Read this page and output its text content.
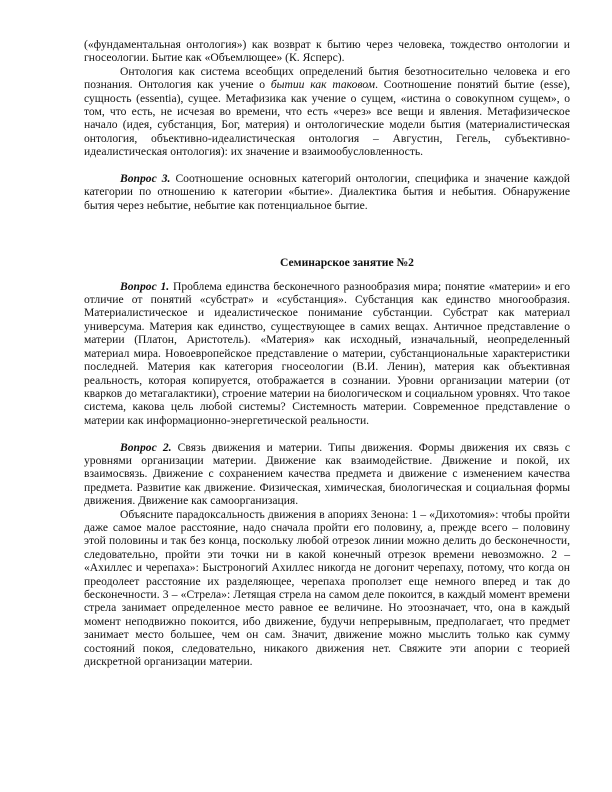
(«фундаментальная онтология») как возврат к бытию через человека, тождество онтологии и гносеологии. Бытие как «Объемлющее» (К. Ясперс).

Онтология как система всеобщих определений бытия безотносительно человека и его познания. Онтология как учение о бытии как таковом. Соотношение понятий бытие (esse), сущность (essentia), сущее. Метафизика как учение о сущем, «истина о совокупном сущем», о том, что есть, не исчезая во времени, что есть «через» все вещи и явления. Метафизическое начало (идея, субстанция, Бог, материя) и онтологические модели бытия (материалистическая онтология, объективно-идеалистическая онтология – Августин, Гегель, субъективно-идеалистическая онтология): их значение и взаимообусловленность.

Вопрос 3. Соотношение основных категорий онтологии, специфика и значение каждой категории по отношению к категории «бытие». Диалектика бытия и небытия. Обнаружение бытия через небытие, небытие как потенциальное бытие.

Семинарское занятие №2

Вопрос 1. Проблема единства бесконечного разнообразия мира; понятие «материи» и его отличие от понятий «субстрат» и «субстанция». Субстанция как единство многообразия. Материалистическое и идеалистическое понимание субстанции. Субстрат как материал универсума. Материя как единство, существующее в самих вещах. Античное представление о материи (Платон, Аристотель). «Материя» как исходный, изначальный, неопределенный материал мира. Новоевропейское представление о материи, субстанциональные характеристики последней. Материя как категория гносеологии (В.И. Ленин), материя как объективная реальность, которая копируется, отображается в сознании. Уровни организации материи (от кварков до метагалактики), строение материи на биологическом и социальном уровнях. Что такое система, какова цель любой системы? Системность материи. Современное представление о материи как информационно-энергетической реальности.

Вопрос 2. Связь движения и материи. Типы движения. Формы движения их связь с уровнями организации материи. Движение как взаимодействие. Движение и покой, их взаимосвязь. Движение с сохранением качества предмета и движение с изменением качества предмета. Развитие как движение. Физическая, химическая, биологическая и социальная формы движения. Движение как самоорганизация.

Объясните парадоксальность движения в апориях Зенона: 1 – «Дихотомия»: чтобы пройти даже самое малое расстояние, надо сначала пройти его половину, а, прежде всего – половину этой половины и так без конца, поскольку любой отрезок линии можно делить до бесконечности, следовательно, пройти эти точки ни в какой конечный отрезок времени невозможно. 2 – «Ахиллес и черепаха»: Быстроногий Ахиллес никогда не догонит черепаху, потому, что когда он преодолеет расстояние их разделяющее, черепаха проползет еще немного вперед и так до бесконечности. 3 – «Стрела»: Летящая стрела на самом деле покоится, в каждый момент времени стрела занимает определенное место равное ее величине. Но этоозначает, что, она в каждый момент неподвижно покоится, ибо движение, будучи непрерывным, предполагает, что предмет занимает место большее, чем он сам. Значит, движение можно мыслить только как сумму состояний покоя, следовательно, никакого движения нет. Свяжите эти апории с теорией дискретной организации материи.
